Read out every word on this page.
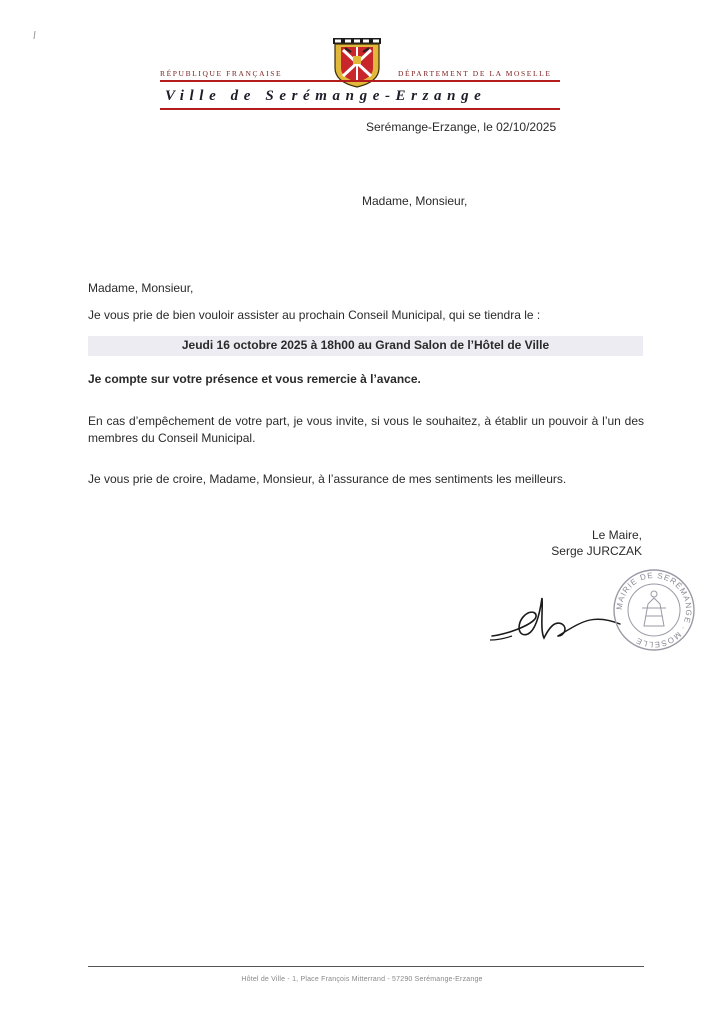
RÉPUBLIQUE FRANÇAISE	DÉPARTEMENT DE LA MOSELLE
Ville de Serémange-Erzange
Serémange-Erzange, le 02/10/2025
Madame, Monsieur,
Madame, Monsieur,
Je vous prie de bien vouloir assister au prochain Conseil Municipal, qui se tiendra le :
Jeudi 16 octobre 2025 à 18h00 au Grand Salon de l’Hôtel de Ville
Je compte sur votre présence et vous remercie à l’avance.
En cas d’empêchement de votre part, je vous invite, si vous le souhaitez, à établir un pouvoir à l’un des membres du Conseil Municipal.
Je vous prie de croire, Madame, Monsieur, à l’assurance de mes sentiments les meilleurs.
Le Maire,
Serge JURCZAK
MAIRIE DE SERÉMANGE · MOSELLE
Hôtel de Ville - 1, Place François Mitterrand - 57290 Serémange-Erzange
